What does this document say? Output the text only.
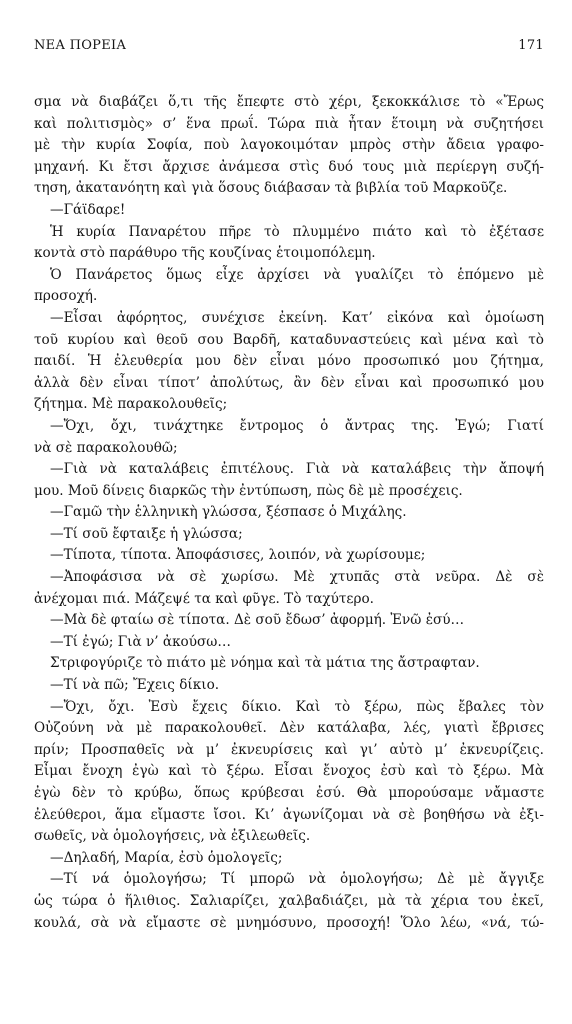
ΝΕΑ ΠΟΡΕΙΑ	171
σμα νὰ διαβάζει ὅ,τι τῆς ἔπεφτε στὸ χέρι, ξεκοκκάλισε τὸ «Ἔρως
καὶ πολιτισμὸς» σ’ ἕνα πρωΐ. Τώρα πιὰ ἦταν ἕτοιμη νὰ συζητήσει
μὲ τὴν κυρία Σοφία, ποὺ λαγοκοιμόταν μπρὸς στὴν ἄδεια γραφο-
μηχανή. Κι ἔτσι ἄρχισε ἀνάμεσα στὶς δυό τους μιὰ περίεργη συζή-
τηση, ἀκατανόητη καὶ γιὰ ὅσους διάβασαν τὰ βιβλία τοῦ Μαρκοῦζε.
—Γάϊδαρε!
Ἡ κυρία Παναρέτου πῆρε τὸ πλυμμένο πιάτο καὶ τὸ ἐξέτασε
κοντὰ στὸ παράθυρο τῆς κουζίνας ἑτοιμοπόλεμη.
Ὁ Πανάρετος ὅμως εἶχε ἀρχίσει νὰ γυαλίζει τὸ ἑπόμενο μὲ
προσοχή.
—Εἶσαι ἀφόρητος, συνέχισε ἐκείνη. Κατ’ εἰκόνα καὶ ὁμοίωση
τοῦ κυρίου καὶ θεοῦ σου Βαρδῆ, καταδυναστεύεις καὶ μένα καὶ τὸ
παιδί. Ἡ ἐλευθερία μου δὲν εἶναι μόνο προσωπικό μου ζήτημα,
ἀλλὰ δὲν εἶναι τίποτ’ ἀπολύτως, ἂν δὲν εἶναι καὶ προσωπικό μου
ζήτημα. Μὲ παρακολουθεῖς;
—Ὄχι, ὄχι, τινάχτηκε ἔντρομος ὁ ἄντρας της. Ἐγώ; Γιατί
νὰ σὲ παρακολουθῶ;
—Γιὰ νὰ καταλάβεις ἐπιτέλους. Γιὰ νὰ καταλάβεις τὴν ἄποψή
μου. Μοῦ δίνεις διαρκῶς τὴν ἐντύπωση, πὼς δὲ μὲ προσέχεις.
—Γαμῶ τὴν ἑλληνικὴ γλώσσα, ξέσπασε ὁ Μιχάλης.
—Τί σοῦ ἔφταιξε ἡ γλώσσα;
—Τίποτα, τίποτα. Ἀποφάσισες, λοιπόν, νὰ χωρίσουμε;
—Ἀποφάσισα νὰ σὲ χωρίσω. Μὲ χτυπᾶς στὰ νεῦρα. Δὲ σὲ
ἀνέχομαι πιά. Μάζεψέ τα καὶ φῦγε. Τὸ ταχύτερο.
—Μὰ δὲ φταίω σὲ τίποτα. Δὲ σοῦ ἔδωσ’ ἀφορμή. Ἐνῶ ἐσύ…
—Τί ἐγώ; Γιὰ ν’ ἀκούσω…
Στριφογύριζε τὸ πιάτο μὲ νόημα καὶ τὰ μάτια της ἄστραφταν.
—Τί νὰ πῶ; Ἔχεις δίκιο.
—Ὄχι, ὄχι. Ἐσὺ ἔχεις δίκιο. Καὶ τὸ ξέρω, πὼς ἔβαλες τὸν
Οὐζούνη νὰ μὲ παρακολουθεῖ. Δὲν κατάλαβα, λές, γιατὶ ἔβρισες
πρίν; Προσπαθεῖς νὰ μ’ ἐκνευρίσεις καὶ γι’ αὐτὸ μ’ ἐκνευρίζεις.
Εἶμαι ἔνοχη ἐγὼ καὶ τὸ ξέρω. Εἶσαι ἔνοχος ἐσὺ καὶ τὸ ξέρω. Μὰ
ἐγὼ δὲν τὸ κρύβω, ὅπως κρύβεσαι ἐσύ. Θὰ μπορούσαμε νἄμαστε
ἐλεύθεροι, ἅμα εἴμαστε ἴσοι. Κι’ ἀγωνίζομαι νὰ σὲ βοηθήσω νὰ ἐξι-
σωθεῖς, νὰ ὁμολογήσεις, νὰ ἐξιλεωθεῖς.
—Δηλαδή, Μαρία, ἐσὺ ὁμολογεῖς;
—Τί νά ὁμολογήσω; Τί μπορῶ νὰ ὁμολογήσω; Δὲ μὲ ἄγγιξε
ὡς τώρα ὁ ἥλιθιος. Σαλιαρίζει, χαλβαδιάζει, μὰ τὰ χέρια του ἐκεῖ,
κουλά, σὰ νὰ εἴμαστε σὲ μνημόσυνο, προσοχή! Ὅλο λέω, «νά, τώ-
